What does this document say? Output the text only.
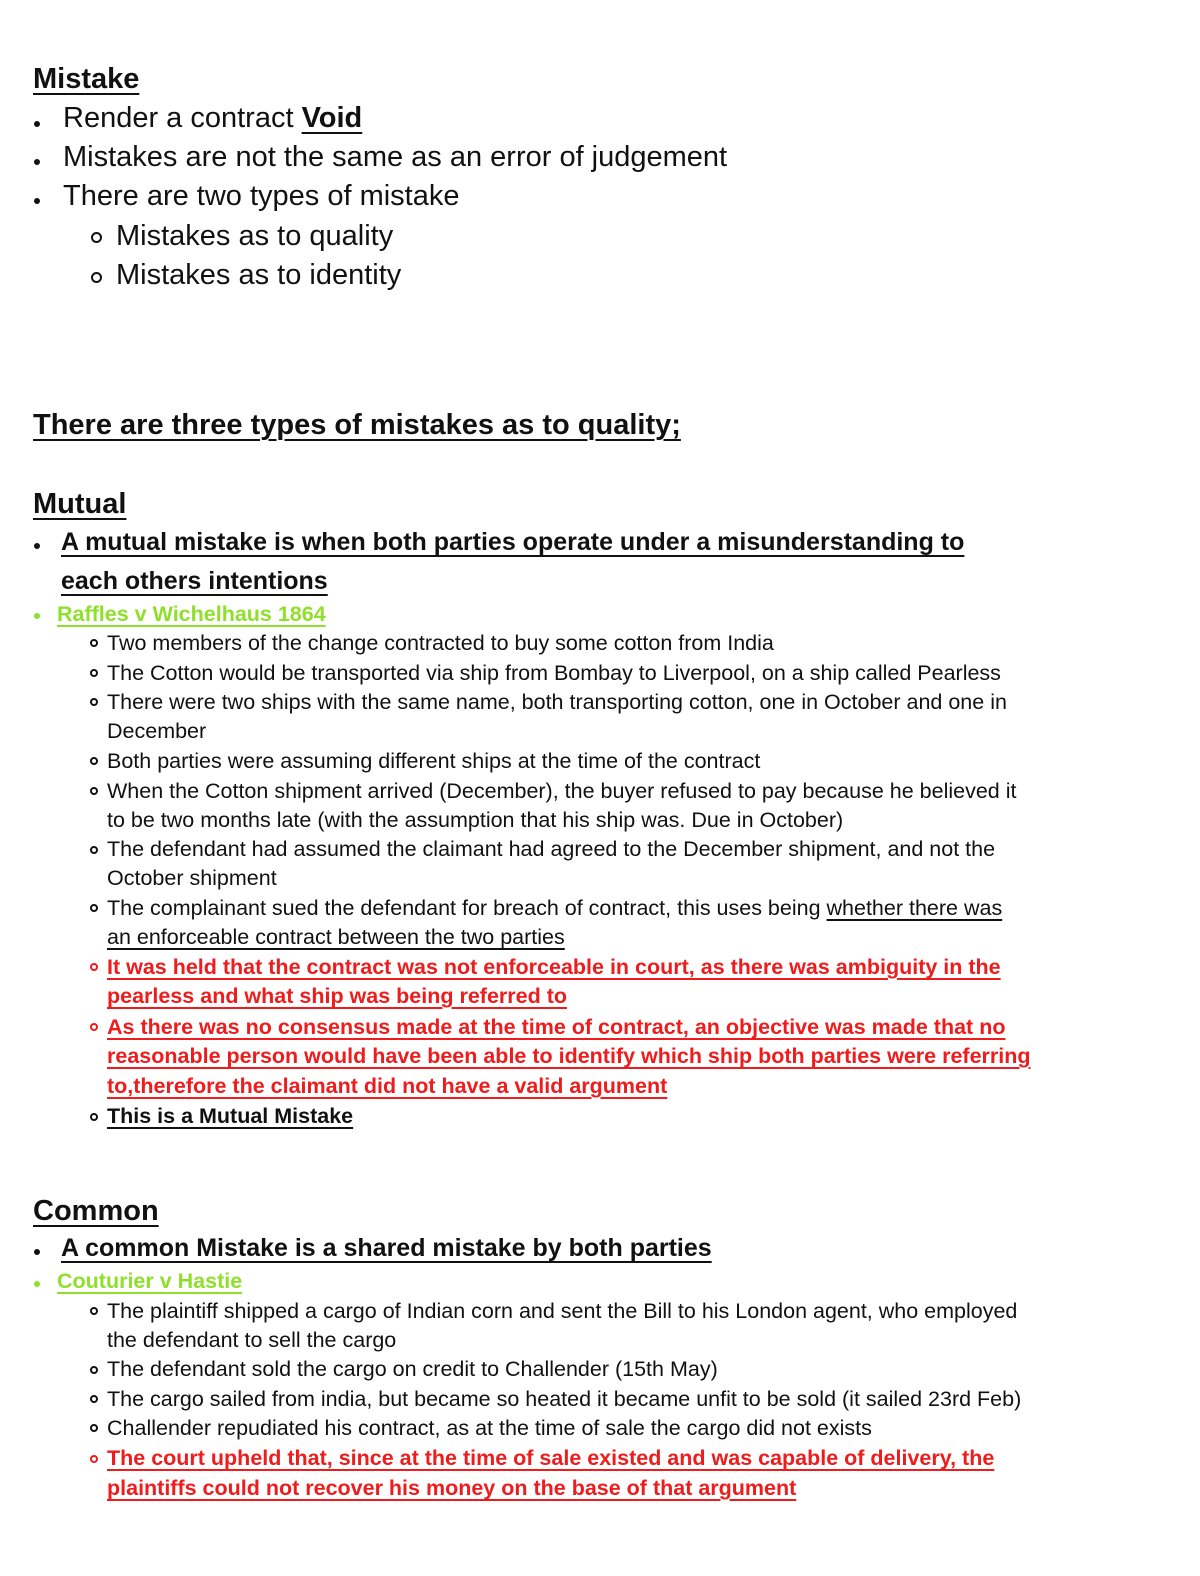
Mistake
Render a contract Void
Mistakes are not the same as an error of judgement
There are two types of mistake
Mistakes as to quality
Mistakes as to identity
There are three types of mistakes as to quality;
Mutual
A mutual mistake is when both parties operate under a misunderstanding to
each others intentions
Raffles v Wichelhaus 1864
Two members of the change contracted to buy some cotton from India
The Cotton would be transported via ship from Bombay to Liverpool, on a ship called Pearless
There were two ships with the same name, both transporting cotton, one in October and one in
December
Both parties were assuming different ships at the time of the contract
When the Cotton shipment arrived (December), the buyer refused to pay because he believed it
to be two months late (with the assumption that his ship was. Due in October)
The defendant had assumed the claimant had agreed to the December shipment, and not the
October shipment
The complainant sued the defendant for breach of contract, this uses being whether there was
an enforceable contract between the two parties
It was held that the contract was not enforceable in court, as there was ambiguity in the
pearless and what ship was being referred to
As there was no consensus made at the time of contract, an objective was made that no
reasonable person would have been able to identify which ship both parties were referring
to,therefore the claimant did not have a valid argument
This is a Mutual Mistake
Common
A common Mistake is a shared mistake by both parties
Couturier v Hastie
The plaintiff shipped a cargo of Indian corn and sent the Bill to his London agent, who employed
the defendant to sell the cargo
The defendant sold the cargo on credit to Challender (15th May)
The cargo sailed from india, but became so heated it became unfit to be sold (it sailed 23rd Feb)
Challender repudiated his contract, as at the time of sale the cargo did not exists
The court upheld that, since at the time of sale existed and was capable of delivery, the
plaintiffs could not recover his money on the base of that argument
